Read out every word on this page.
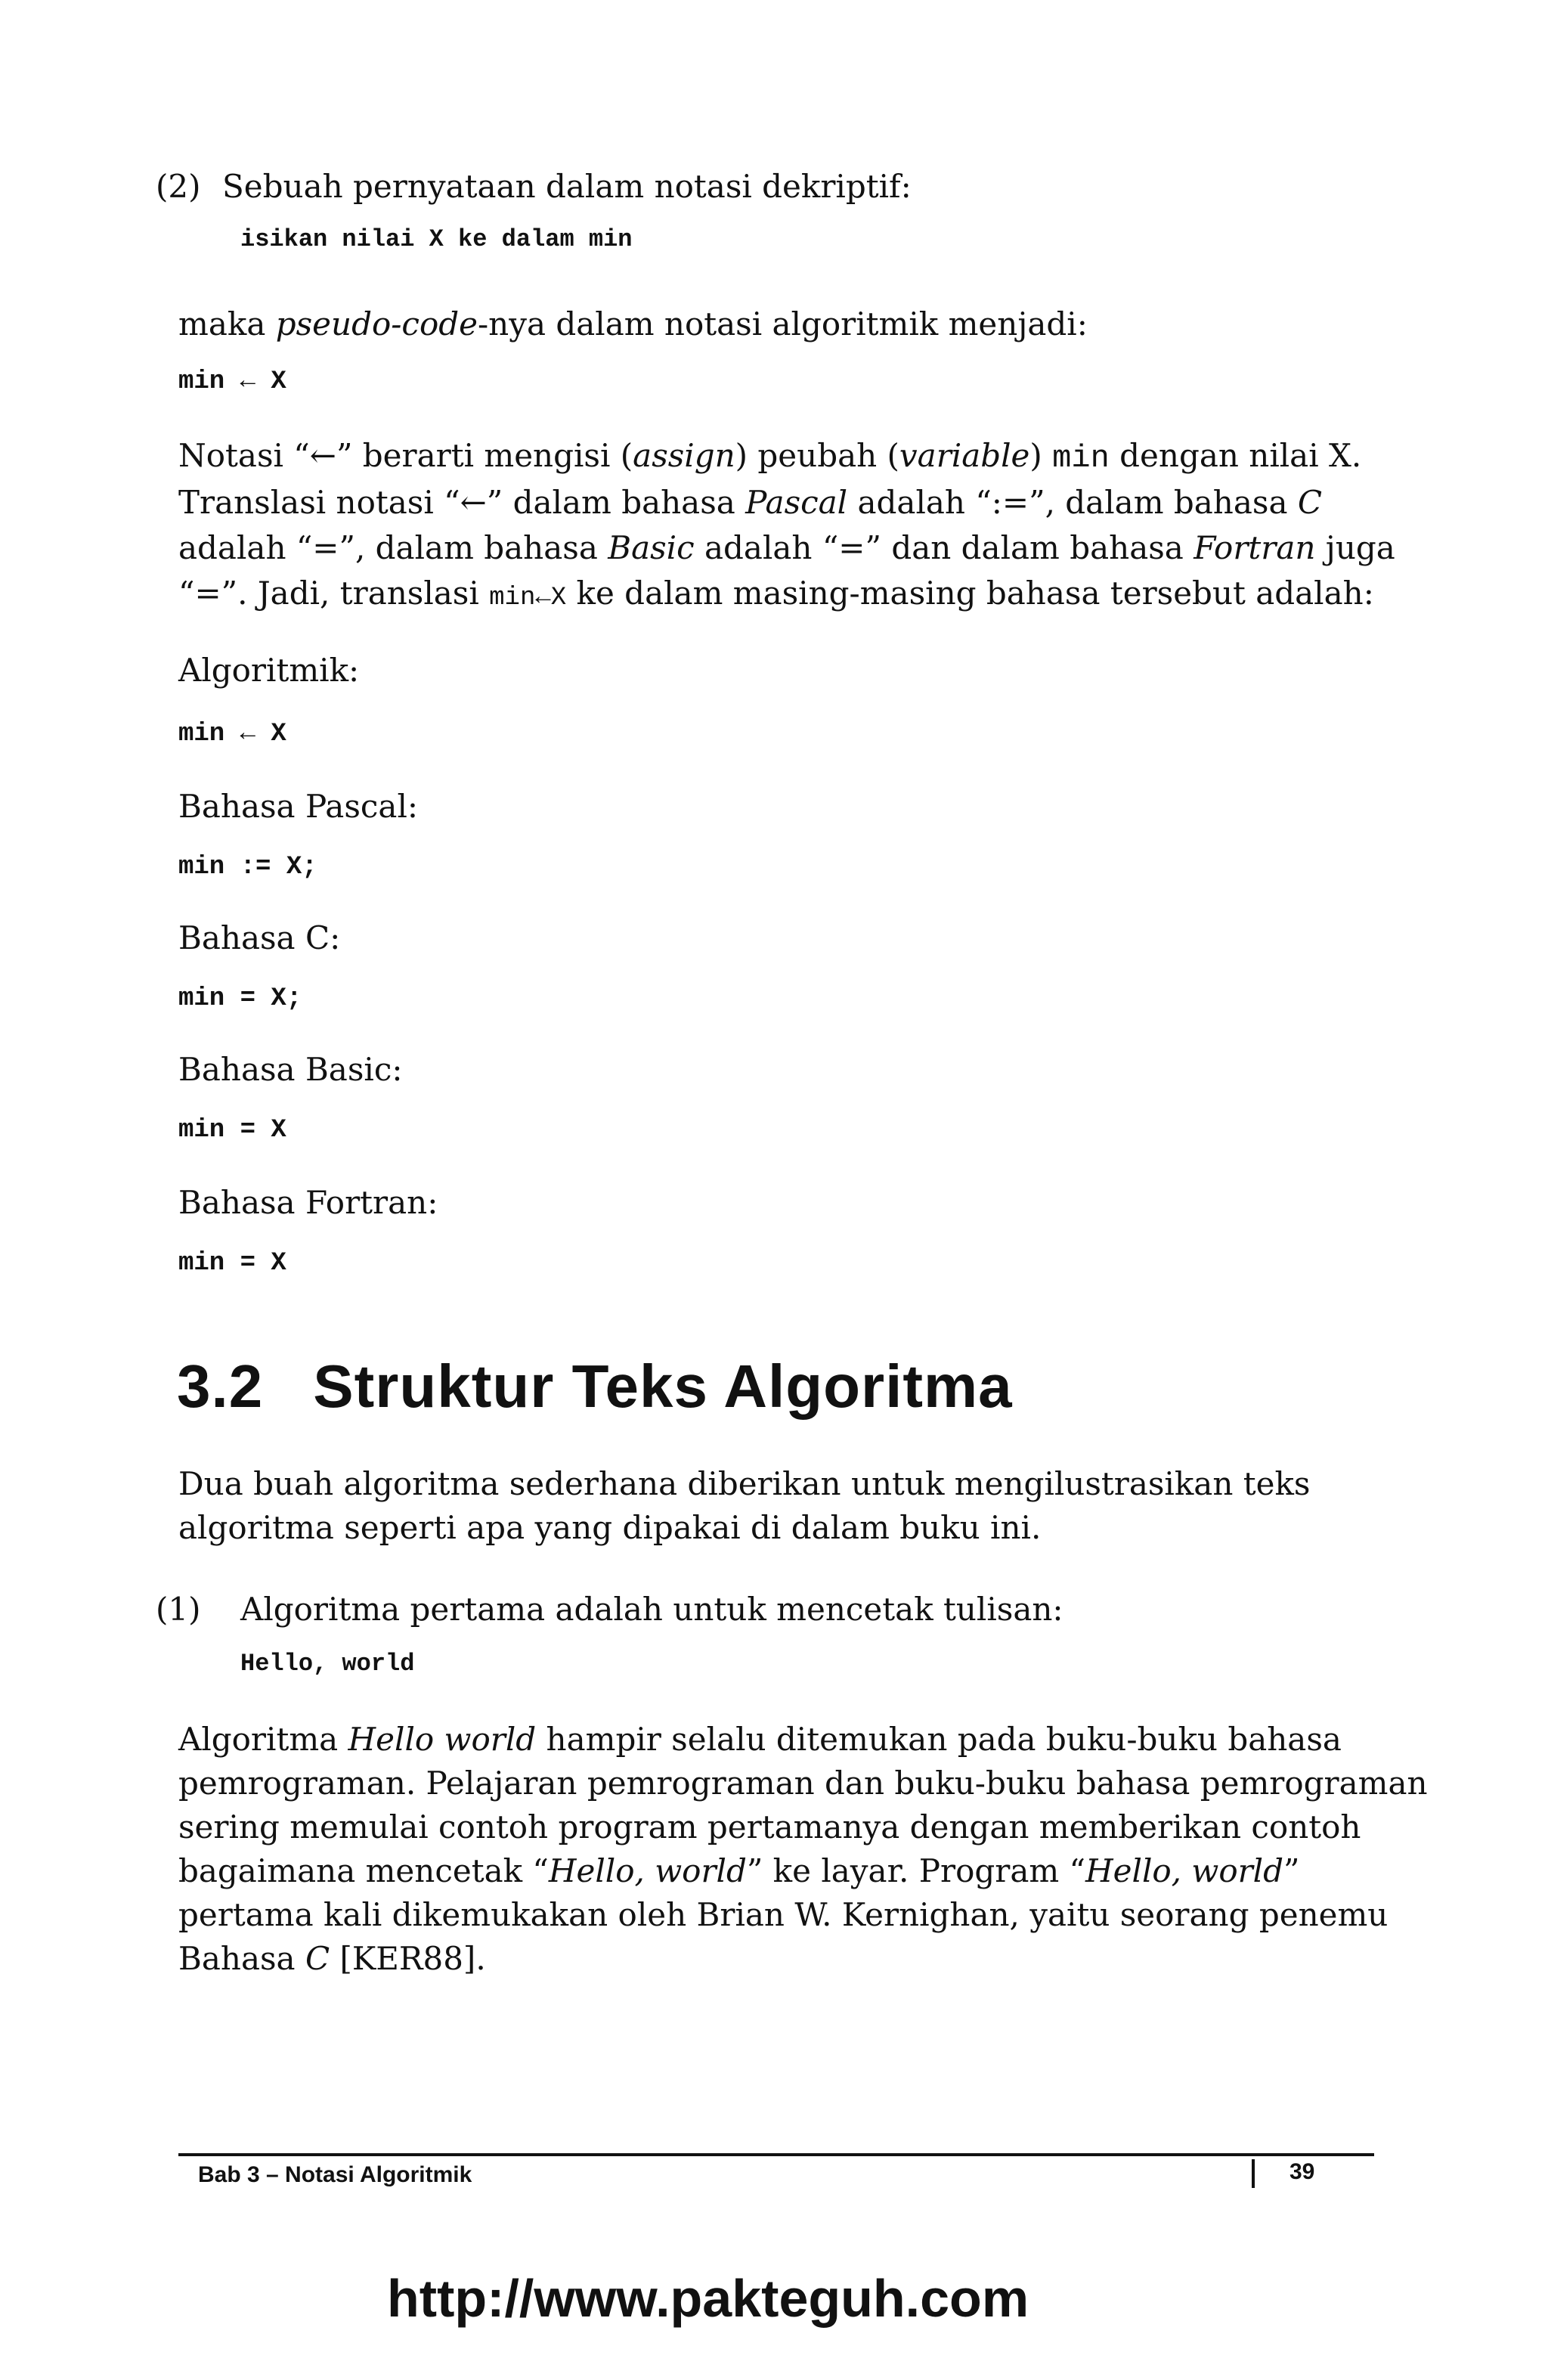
(2) Sebuah pernyataan dalam notasi dekriptif:
isikan nilai X ke dalam min
maka pseudo-code-nya dalam notasi algoritmik menjadi:
min ← X
Notasi “←” berarti mengisi (assign) peubah (variable) min dengan nilai X.
Translasi notasi “←” dalam bahasa Pascal adalah “:=”, dalam bahasa C
adalah “=”, dalam bahasa Basic adalah “=” dan dalam bahasa Fortran juga
“=”. Jadi, translasi min←X ke dalam masing-masing bahasa tersebut adalah:
Algoritmik:
min ← X
Bahasa Pascal:
min := X;
Bahasa C:
min = X;
Bahasa Basic:
min = X
Bahasa Fortran:
min = X
3.2 Struktur Teks Algoritma
Dua buah algoritma sederhana diberikan untuk mengilustrasikan teks
algoritma seperti apa yang dipakai di dalam buku ini.
(1) Algoritma pertama adalah untuk mencetak tulisan:
Hello, world
Algoritma Hello world hampir selalu ditemukan pada buku-buku bahasa
pemrograman. Pelajaran pemrograman dan buku-buku bahasa pemrograman
sering memulai contoh program pertamanya dengan memberikan contoh
bagaimana mencetak “Hello, world” ke layar. Program “Hello, world”
pertama kali dikemukakan oleh Brian W. Kernighan, yaitu seorang penemu
Bahasa C [KER88].
Bab 3 – Notasi Algoritmik	39
http://www.pakteguh.com
